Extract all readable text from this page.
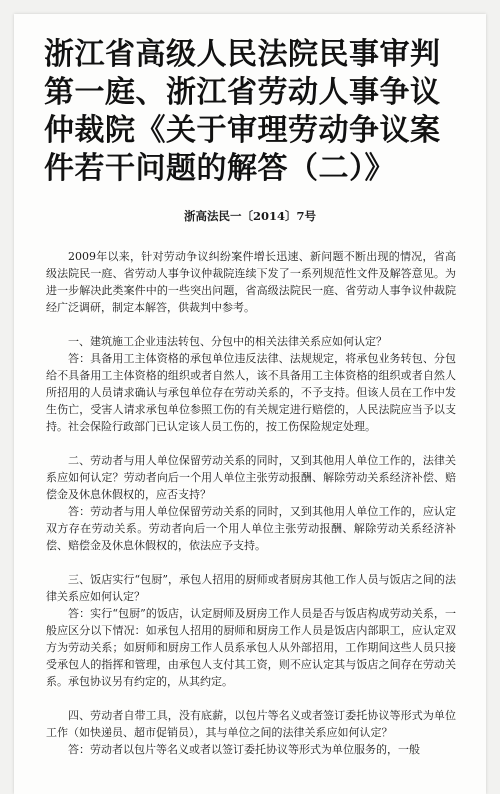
浙江省高级人民法院民事审判第一庭、浙江省劳动人事争议仲裁院《关于审理劳动争议案件若干问题的解答（二）》
浙高法民一〔2014〕7号

2009年以来，针对劳动争议纠纷案件增长迅速、新问题不断出现的情况，省高级法院民一庭、省劳动人事争议仲裁院连续下发了一系列规范性文件及解答意见。为进一步解决此类案件中的一些突出问题，省高级法院民一庭、省劳动人事争议仲裁院经广泛调研，制定本解答，供裁判中参考。

一、建筑施工企业违法转包、分包中的相关法律关系应如何认定？

答：具备用工主体资格的承包单位违反法律、法规规定，将承包业务转包、分包给不具备用工主体资格的组织或者自然人，该不具备用工主体资格的组织或者自然人所招用的人员请求确认与承包单位存在劳动关系的，不予支持。但该人员在工作中发生伤亡，受害人请求承包单位参照工伤的有关规定进行赔偿的，人民法院应当予以支持。社会保险行政部门已认定该人员工伤的，按工伤保险规定处理。

二、劳动者与用人单位保留劳动关系的同时，又到其他用人单位工作的，法律关系应如何认定？劳动者向后一个用人单位主张劳动报酬、解除劳动关系经济补偿、赔偿金及休息休假权的，应否支持？

答：劳动者与用人单位保留劳动关系的同时，又到其他用人单位工作的，应认定双方存在劳动关系。劳动者向后一个用人单位主张劳动报酬、解除劳动关系经济补偿、赔偿金及休息休假权的，依法应予支持。

三、饭店实行“包厨”，承包人招用的厨师或者厨房其他工作人员与饭店之间的法律关系应如何认定？

答：实行“包厨”的饭店，认定厨师及厨房工作人员是否与饭店构成劳动关系，一般应区分以下情况：如承包人招用的厨师和厨房工作人员是饭店内部职工，应认定双方为劳动关系；如厨师和厨房工作人员系承包人从外部招用，工作期间这些人员只接受承包人的指挥和管理，由承包人支付其工资，则不应认定其与饭店之间存在劳动关系。承包协议另有约定的，从其约定。

四、劳动者自带工具，没有底薪，以包片等名义或者签订委托协议等形式为单位工作（如快递员、超市促销员），其与单位之间的法律关系应如何认定？

答：劳动者以包片等名义或者以签订委托协议等形式为单位服务的，一般
